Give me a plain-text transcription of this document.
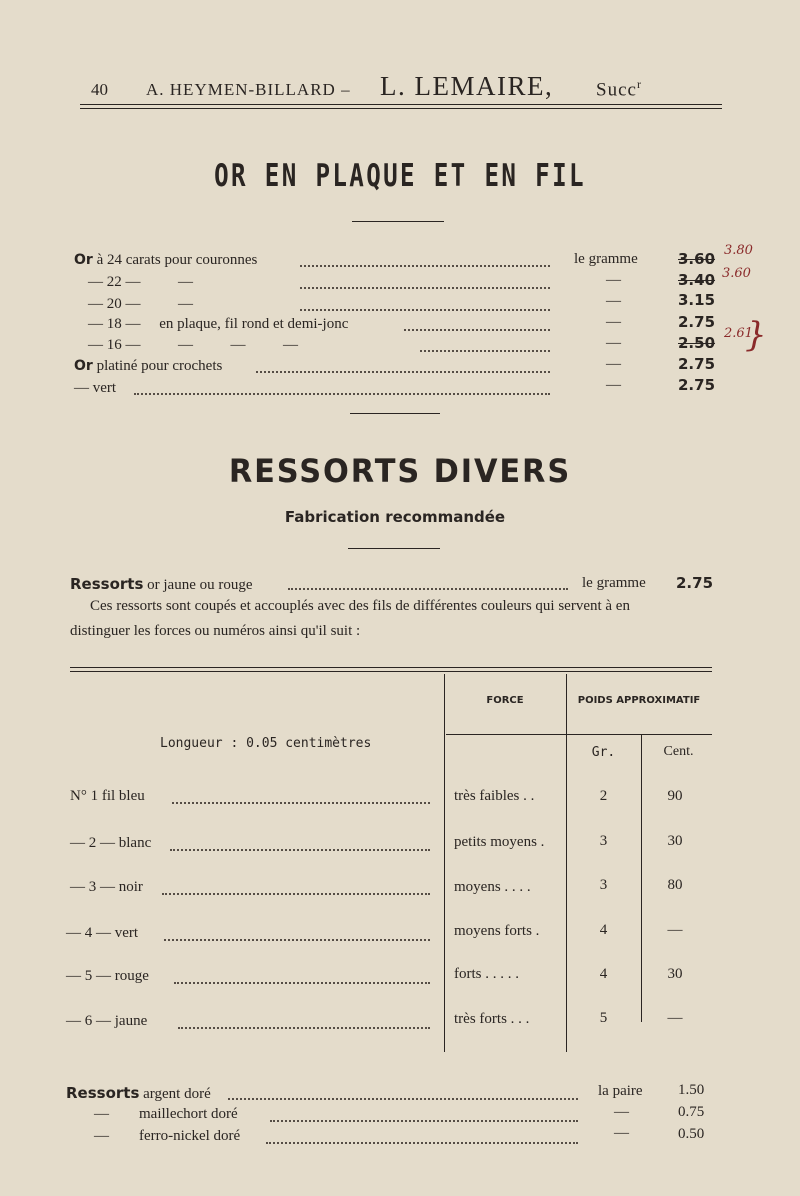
40 A. HEYMEN-BILLARD – L. LEMAIRE, Succ$^r$
OR EN PLAQUE ET EN FIL
Or à 24 carats pour couronnes	le gramme	3.60 3.80
— 22 —          —	—	3.40 3.60
— 20 —          —	—	3.15
— 18 —     en plaque, fil rond et demi-jonc	—	2.75
— 16 —          —          —          —	—	2.50
2.61
Or platiné pour crochets	—	2.75
— vert	—	2.75
}
RESSORTS DIVERS
Fabrication recommandée
Ressorts or jaune ou rouge	le gramme 2.75
Ces ressorts sont coupés et accouplés avec des fils de différentes couleurs qui servent à en
distinguer les forces ou numéros ainsi qu'il suit :
FORCE	POIDS APPROXIMATIF
Longueur : 0.05 centimètres
Gr.	Cent.
N° 1 fil bleu	très faibles . .	2	90
— 2 — blanc	petits moyens .	3	30
— 3 — noir	moyens . . . .	3	80
— 4 — vert	moyens forts .	4	—
— 5 — rouge	forts . . . . .	4	30
— 6 — jaune	très forts . . .	5	—
Ressorts argent doré	la paire 1.50
—        maillechort doré	—	0.75
—        ferro-nickel doré	—	0.50
